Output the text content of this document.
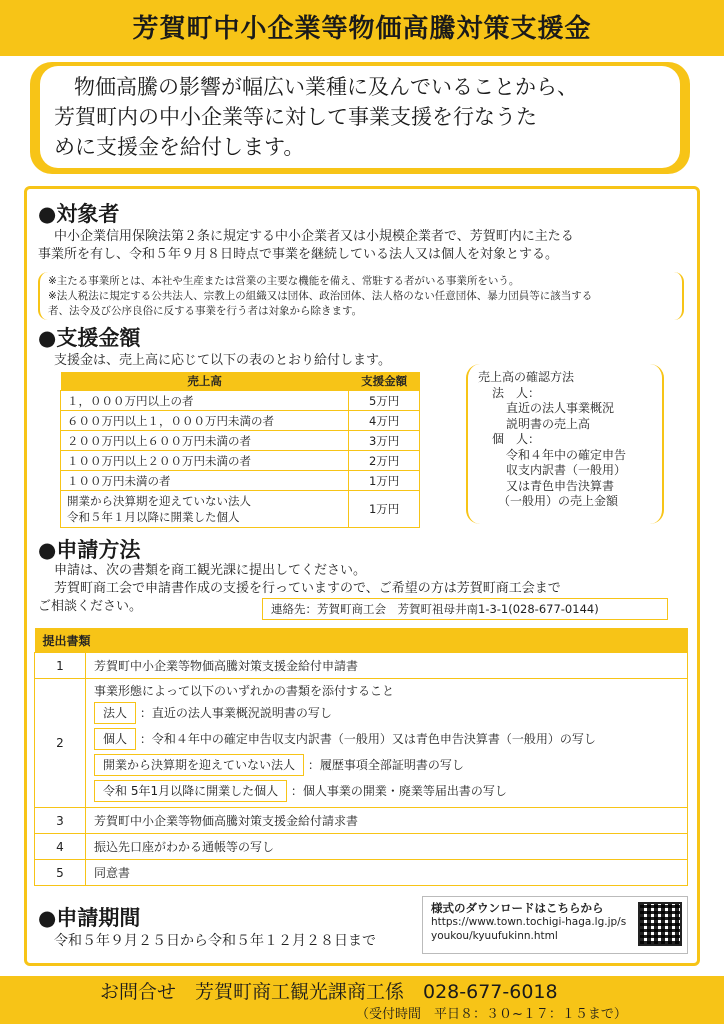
芳賀町中小企業等物価高騰対策支援金
物価高騰の影響が幅広い業種に及んでいることから、
芳賀町内の中小企業等に対して事業支援を行なうた
めに支援金を給付します。
●対象者
中小企業信用保険法第２条に規定する中小企業者又は小規模企業者で、芳賀町内に主たる
事業所を有し、令和５年９月８日時点で事業を継続している法人又は個人を対象とする。
※主たる事業所とは、本社や生産または営業の主要な機能を備え、常駐する者がいる事業所をいう。
※法人税法に規定する公共法人、宗教上の組織又は団体、政治団体、法人格のない任意団体、暴力団員等に該当する
者、法令及び公序良俗に反する事業を行う者は対象から除きます。
●支援金額
支援金は、売上高に応じて以下の表のとおり給付します。
売上高	支援金額
１，０００万円以上の者	5万円
６００万円以上１，０００万円未満の者	4万円
２００万円以上６００万円未満の者	3万円
１００万円以上２００万円未満の者	2万円
１００万円未満の者	1万円
開業から決算期を迎えていない法人
令和５年１月以降に開業した個人	1万円
売上高の確認方法
法　人：
直近の法人事業概況
説明書の売上高
個　人：
令和４年中の確定申告
収支内訳書（一般用）
又は青色申告決算書
（一般用）の売上金額
●申請方法
申請は、次の書類を商工観光課に提出してください。
芳賀町商工会で申請書作成の支援を行っていますので、ご希望の方は芳賀町商工会まで
ご相談ください。	連絡先：芳賀町商工会　芳賀町祖母井南1-3-1(028-677-0144)
提出書類	
1	芳賀町中小企業等物価高騰対策支援金給付申請書
2	事業形態によって以下のいずれかの書類を添付すること
法人 ：直近の法人事業概況説明書の写し
個人 ：令和４年中の確定申告収支内訳書（一般用）又は青色申告決算書（一般用）の写し
開業から決算期を迎えていない法人 ：履歴事項全部証明書の写し
令和 5年1月以降に開業した個人 ：個人事業の開業・廃業等届出書の写し

3	芳賀町中小企業等物価高騰対策支援金給付請求書
4	振込先口座がわかる通帳等の写し
5	同意書
●申請期間
令和５年９月２５日から令和５年１２月２８日まで
様式のダウンロードはこちらから
https://www.town.tochigi-haga.lg.jp/syoukou/kyuufukinn.html
お問合せ　芳賀町商工観光課商工係　028-677-6018
（受付時間　平日８：３０~１７：１５まで）
